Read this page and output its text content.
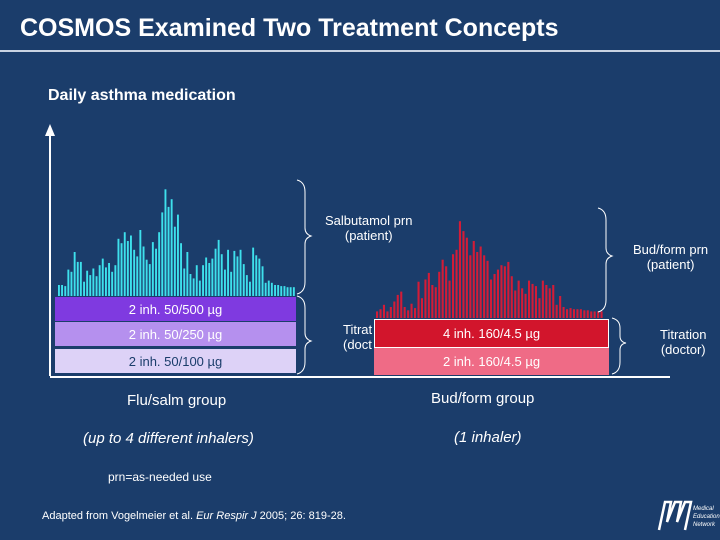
COSMOS Examined Two Treatment Concepts
Daily asthma medication
2 inh. 50/500 µg
2 inh. 50/250 µg
2 inh. 50/100 µg
Salbutamol prn
(patient)
Titrat
(doct
4 inh. 160/4.5 µg
2 inh. 160/4.5 µg
Bud/form prn
(patient)
Titration
(doctor)
Flu/salm group
(up to 4 different inhalers)
Bud/form group
(1 inhaler)
prn=as-needed use
Adapted from Vogelmeier et al. Eur Respir J 2005; 26: 819-28.
Medical
Education
Network
